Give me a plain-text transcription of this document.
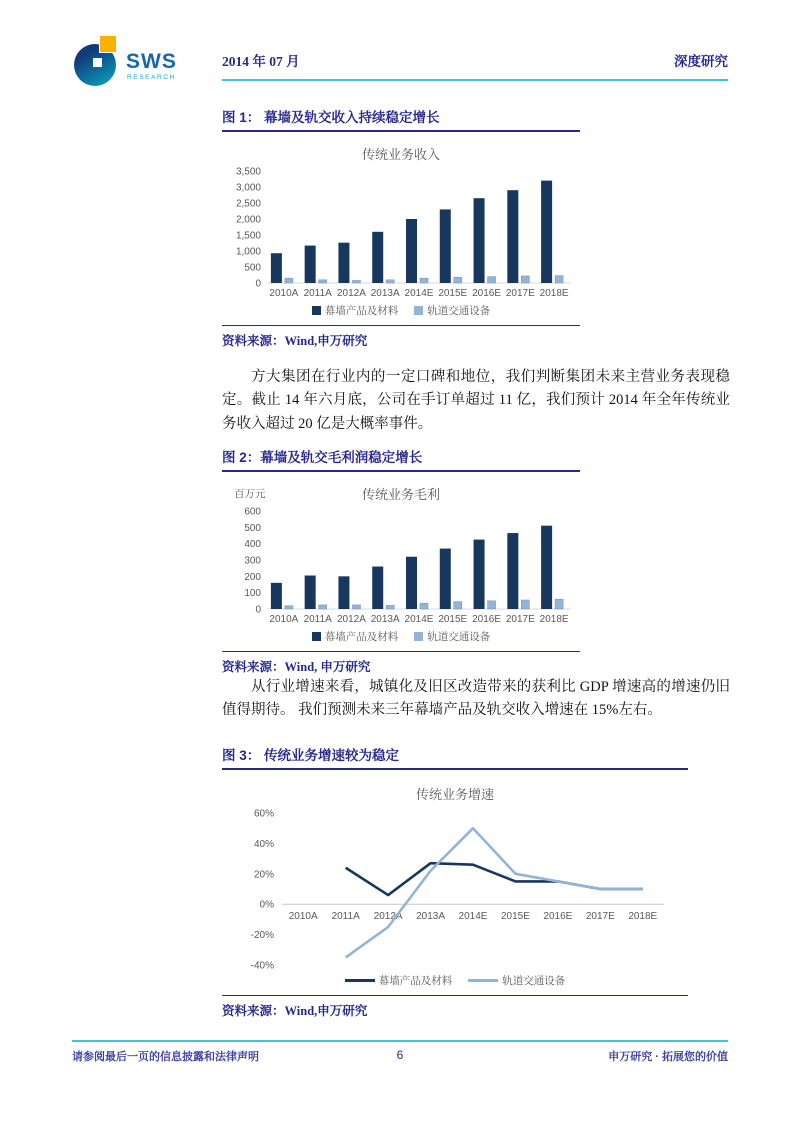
SWS
RESEARCH
2014 年 07 月	深度研究
图 1： 幕墙及轨交收入持续稳定增长
传统业务收入
0
500
1,000
1,500
2,000
2,500
3,000
3,500
2010A 2011A 2012A 2013A 2014E 2015E 2016E 2017E 2018E
幕墙产品及材料	轨道交通设备
资料来源：Wind,申万研究
方大集团在行业内的一定口碑和地位，我们判断集团未来主营业务表现稳定。截止 14 年六月底，公司在手订单超过 11 亿，我们预计 2014 年全年传统业务收入超过 20 亿是大概率事件。
图 2：幕墙及轨交毛利润稳定增长
百万元	传统业务毛利
0
100
200
300
400
500
600
2010A 2011A 2012A 2013A 2014E 2015E 2016E 2017E 2018E
幕墙产品及材料	轨道交通设备
资料来源：Wind, 申万研究
从行业增速来看，城镇化及旧区改造带来的获利比 GDP 增速高的增速仍旧值得期待。 我们预测未来三年幕墙产品及轨交收入增速在 15%左右。
图 3： 传统业务增速较为稳定
传统业务增速
-40%
-20%
0%
20%
40%
60%
2010A 2011A 2012A 2013A 2014E 2015E 2016E 2017E 2018E
幕墙产品及材料	轨道交通设备
资料来源：Wind,申万研究
请参阅最后一页的信息披露和法律声明	6	申万研究 · 拓展您的价值
